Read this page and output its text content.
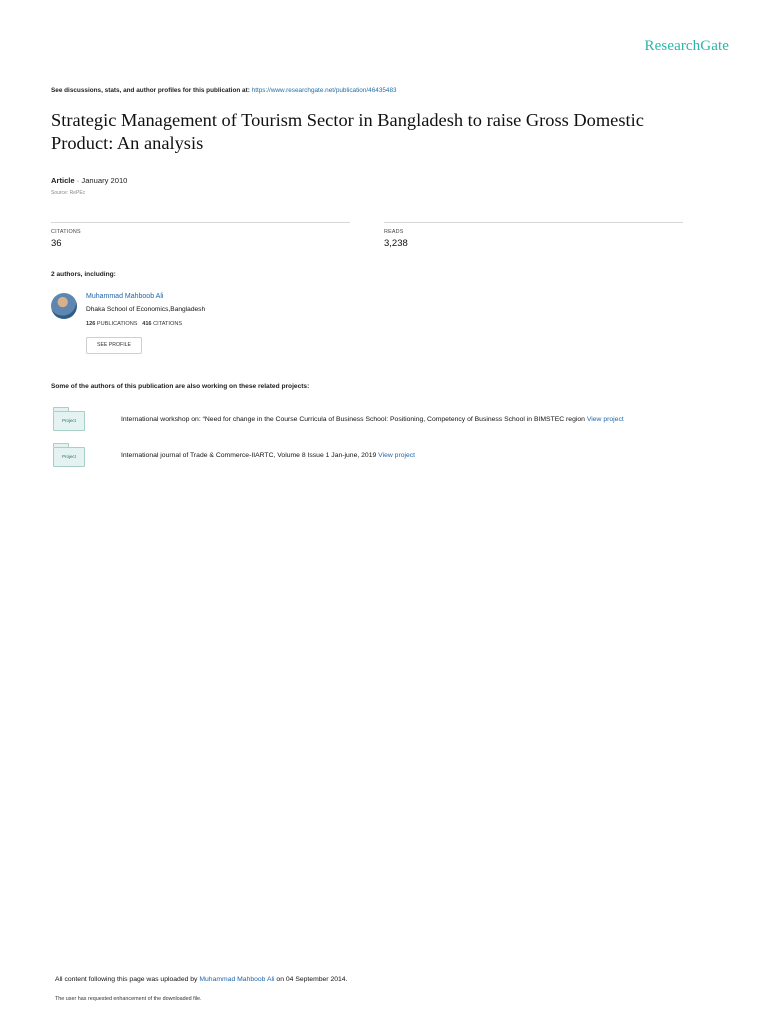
ResearchGate
See discussions, stats, and author profiles for this publication at: https://www.researchgate.net/publication/46435483
Strategic Management of Tourism Sector in Bangladesh to raise Gross Domestic Product: An analysis
Article · January 2010
Source: RePEc
CITATIONS
36
READS
3,238
2 authors, including:
Muhammad Mahboob Ali
Dhaka School of Economics,Bangladesh
126 PUBLICATIONS 416 CITATIONS
SEE PROFILE
Some of the authors of this publication are also working on these related projects:
Project	International workshop on: “Need for change in the Course Curricula of Business School: Positioning, Competency of Business School in BIMSTEC region View project
Project	International journal of Trade & Commerce-IIARTC, Volume 8 Issue 1 Jan-june, 2019 View project
All content following this page was uploaded by Muhammad Mahboob Ali on 04 September 2014.
The user has requested enhancement of the downloaded file.
